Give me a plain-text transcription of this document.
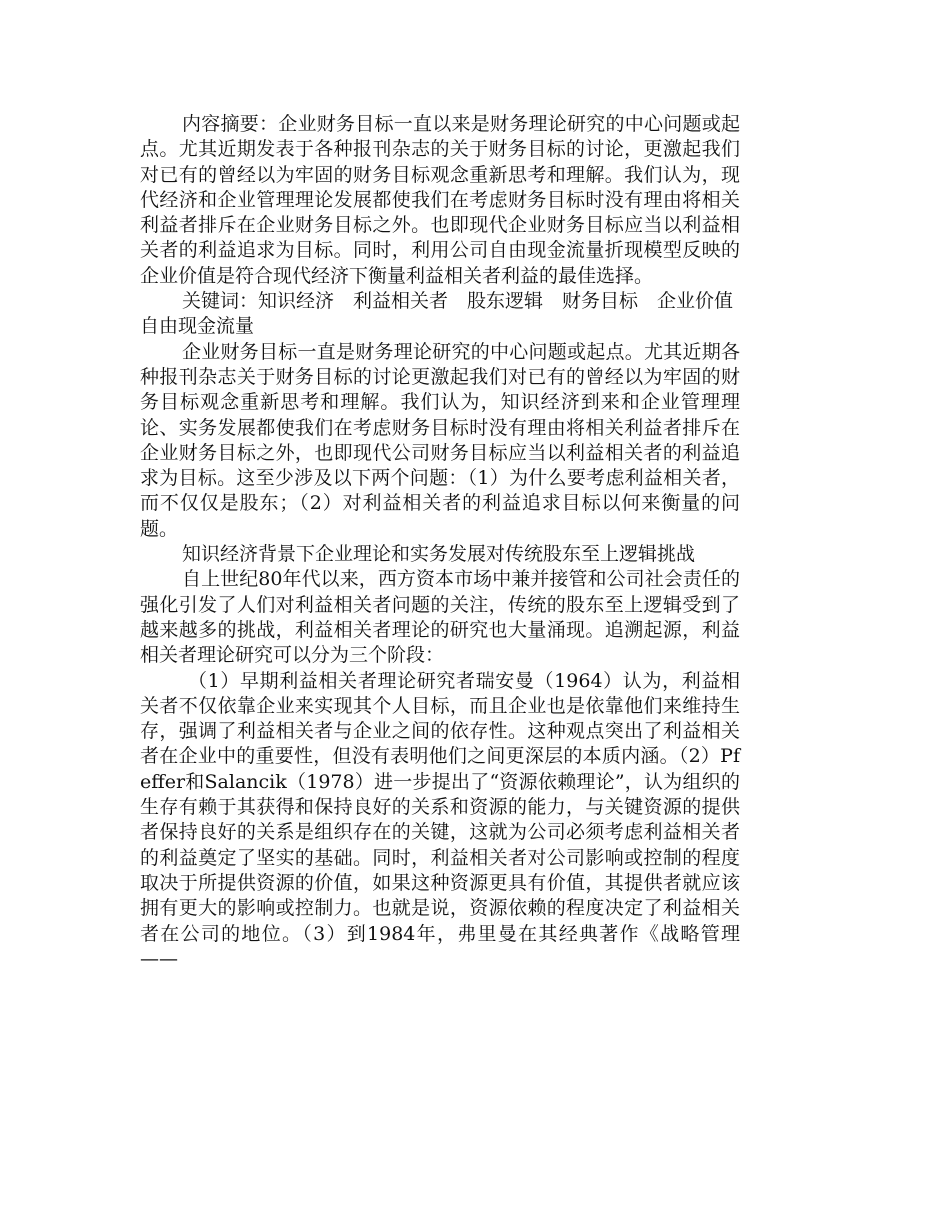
内容摘要：企业财务目标一直以来是财务理论研究的中心问题或起点。尤其近期发表于各种报刊杂志的关于财务目标的讨论，更激起我们对已有的曾经以为牢固的财务目标观念重新思考和理解。我们认为，现代经济和企业管理理论发展都使我们在考虑财务目标时没有理由将相关利益者排斥在企业财务目标之外。也即现代企业财务目标应当以利益相关者的利益追求为目标。同时，利用公司自由现金流量折现模型反映的企业价值是符合现代经济下衡量利益相关者利益的最佳选择。

关键词：知识经济　利益相关者　股东逻辑　财务目标　企业价值　自由现金流量

企业财务目标一直是财务理论研究的中心问题或起点。尤其近期各种报刊杂志关于财务目标的讨论更激起我们对已有的曾经以为牢固的财务目标观念重新思考和理解。我们认为，知识经济到来和企业管理理论、实务发展都使我们在考虑财务目标时没有理由将相关利益者排斥在企业财务目标之外，也即现代公司财务目标应当以利益相关者的利益追求为目标。这至少涉及以下两个问题：（1）为什么要考虑利益相关者，而不仅仅是股东；（2）对利益相关者的利益追求目标以何来衡量的问题。

知识经济背景下企业理论和实务发展对传统股东至上逻辑挑战

自上世纪80年代以来，西方资本市场中兼并接管和公司社会责任的强化引发了人们对利益相关者问题的关注，传统的股东至上逻辑受到了越来越多的挑战，利益相关者理论的研究也大量涌现。追溯起源，利益相关者理论研究可以分为三个阶段：

（1）早期利益相关者理论研究者瑞安曼（1964）认为，利益相关者不仅依靠企业来实现其个人目标，而且企业也是依靠他们来维持生存，强调了利益相关者与企业之间的依存性。这种观点突出了利益相关者在企业中的重要性，但没有表明他们之间更深层的本质内涵。（2）Pfeffer和Salancik（1978）进一步提出了“资源依赖理论”，认为组织的生存有赖于其获得和保持良好的关系和资源的能力，与关键资源的提供者保持良好的关系是组织存在的关键，这就为公司必须考虑利益相关者的利益奠定了坚实的基础。同时，利益相关者对公司影响或控制的程度取决于所提供资源的价值，如果这种资源更具有价值，其提供者就应该拥有更大的影响或控制力。也就是说，资源依赖的程度决定了利益相关者在公司的地位。（3）到1984年，弗里曼在其经典著作《战略管理——
